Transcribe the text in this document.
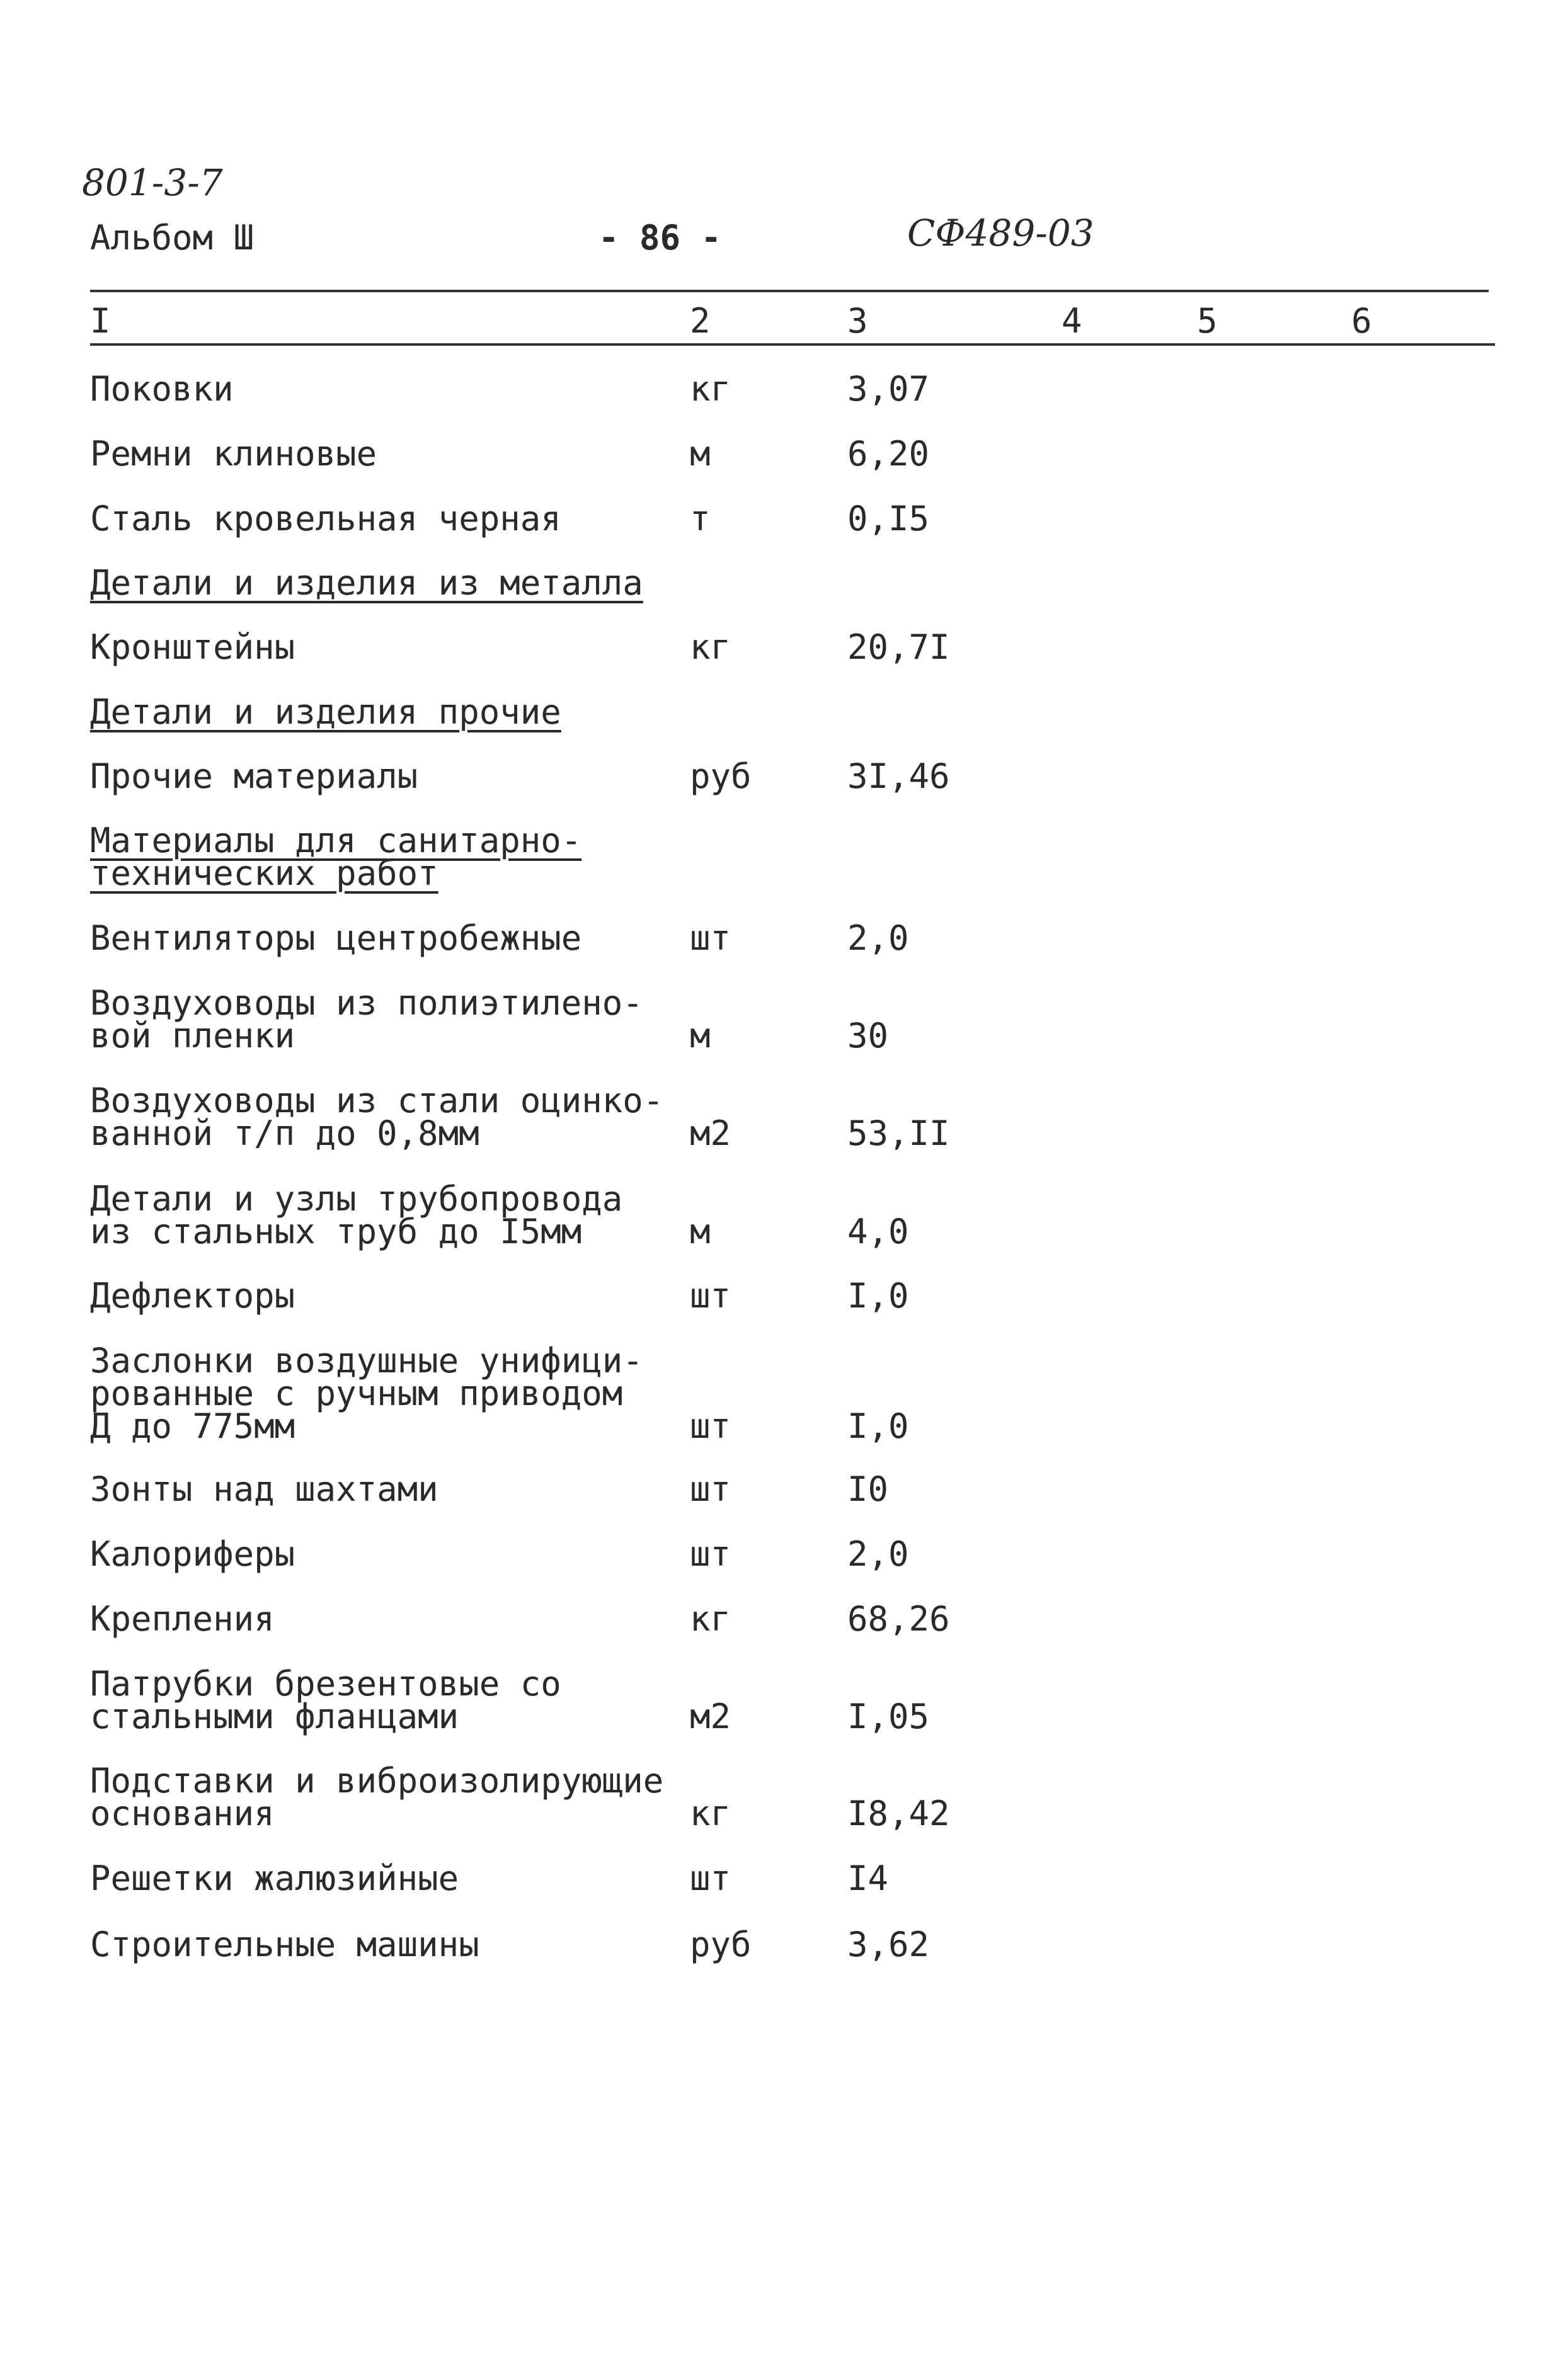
801-3-7
Альбом Ш	- 86 -	СФ489-03
I	2	3	4	5	6
Поковки	кг	3,07
Ремни клиновые	м	6,20
Сталь кровельная черная	т	0,I5
Детали и изделия из металла
Кронштейны	кг	20,7I
Детали и изделия прочие
Прочие материалы	руб	3I,46
Материалы для санитарно-
технических работ
Вентиляторы центробежные	шт	2,0
Воздуховоды из полиэтилено-
вой пленки	м	30
Воздуховоды из стали оцинко-
ванной т/п до 0,8мм	м2	53,II
Детали и узлы трубопровода
из стальных труб до I5мм	м	4,0
Дефлекторы	шт	I,0
Заслонки воздушные унифици-
рованные с ручным приводом
Д до 775мм	шт	I,0
Зонты над шахтами	шт	I0
Калориферы	шт	2,0
Крепления	кг	68,26
Патрубки брезентовые со
стальными фланцами	м2	I,05
Подставки и виброизолирующие
основания	кг	I8,42
Решетки жалюзийные	шт	I4
Строительные машины	руб	3,62
